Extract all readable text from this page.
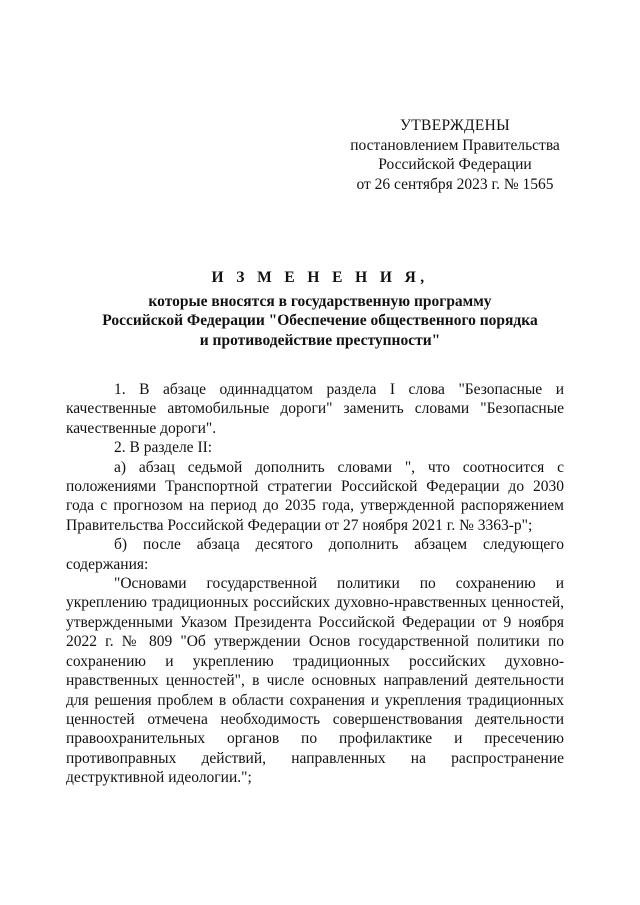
УТВЕРЖДЕНЫ
постановлением Правительства
Российской Федерации
от 26 сентября 2023 г. № 1565
И З М Е Н Е Н И Я,
которые вносятся в государственную программу
Российской Федерации "Обеспечение общественного порядка
и противодействие преступности"

1. В абзаце одиннадцатом раздела I слова "Безопасные и качественные автомобильные дороги" заменить словами "Безопасные качественные дороги".

2. В разделе II:

а) абзац седьмой дополнить словами ", что соотносится с положениями Транспортной стратегии Российской Федерации до 2030 года с прогнозом на период до 2035 года, утвержденной распоряжением Правительства Российской Федерации от 27 ноября 2021 г. № 3363-р";

б) после абзаца десятого дополнить абзацем следующего содержания:

"Основами государственной политики по сохранению и укреплению традиционных российских духовно-нравственных ценностей, утвержденными Указом Президента Российской Федерации от 9 ноября 2022 г. № 809 "Об утверждении Основ государственной политики по сохранению и укреплению традиционных российских духовно-нравственных ценностей", в числе основных направлений деятельности для решения проблем в области сохранения и укрепления традиционных ценностей отмечена необходимость совершенствования деятельности правоохранительных органов по профилактике и пресечению противоправных действий, направленных на распространение деструктивной идеологии.";
